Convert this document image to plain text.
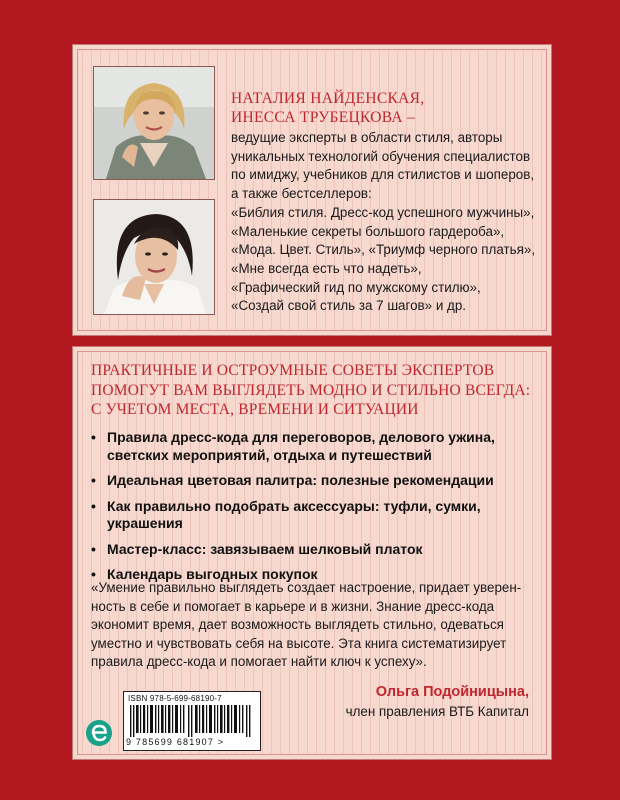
НАТАЛИЯ НАЙДЕНСКАЯ,
ИНЕССА ТРУБЕЦКОВА –
ведущие эксперты в области стиля, авторы
уникальных технологий обучения специалистов
по имиджу, учебников для стилистов и шоперов,
а также бестселлеров:
«Библия стиля. Дресс-код успешного мужчины»,
«Маленькие секреты большого гардероба»,
«Мода. Цвет. Стиль», «Триумф черного платья»,
«Мне всегда есть что надеть»,
«Графический гид по мужскому стилю»,
«Создай свой стиль за 7 шагов» и др.
ПРАКТИЧНЫЕ И ОСТРОУМНЫЕ СОВЕТЫ ЭКСПЕРТОВ
ПОМОГУТ ВАМ ВЫГЛЯДЕТЬ МОДНО И СТИЛЬНО ВСЕГДА:
С УЧЕТОМ МЕСТА, ВРЕМЕНИ И СИТУАЦИИ
• Правила дресс-кода для переговоров, делового ужина,
светских мероприятий, отдыха и путешествий
• Идеальная цветовая палитра: полезные рекомендации
• Как правильно подобрать аксессуары: туфли, сумки,
украшения
• Мастер-класс: завязываем шелковый платок
• Календарь выгодных покупок
«Умение правильно выглядеть создает настроение, придает уверен-
ность в себе и помогает в карьере и в жизни. Знание дресс-кода
экономит время, дает возможность выглядеть стильно, одеваться
уместно и чувствовать себя на высоте. Эта книга систематизирует
правила дресс-кода и помогает найти ключ к успеху».
Ольга Подойницына,
член правления ВТБ Капитал
ISBN 978-5-699-68190-7
9 785699 681907 >
